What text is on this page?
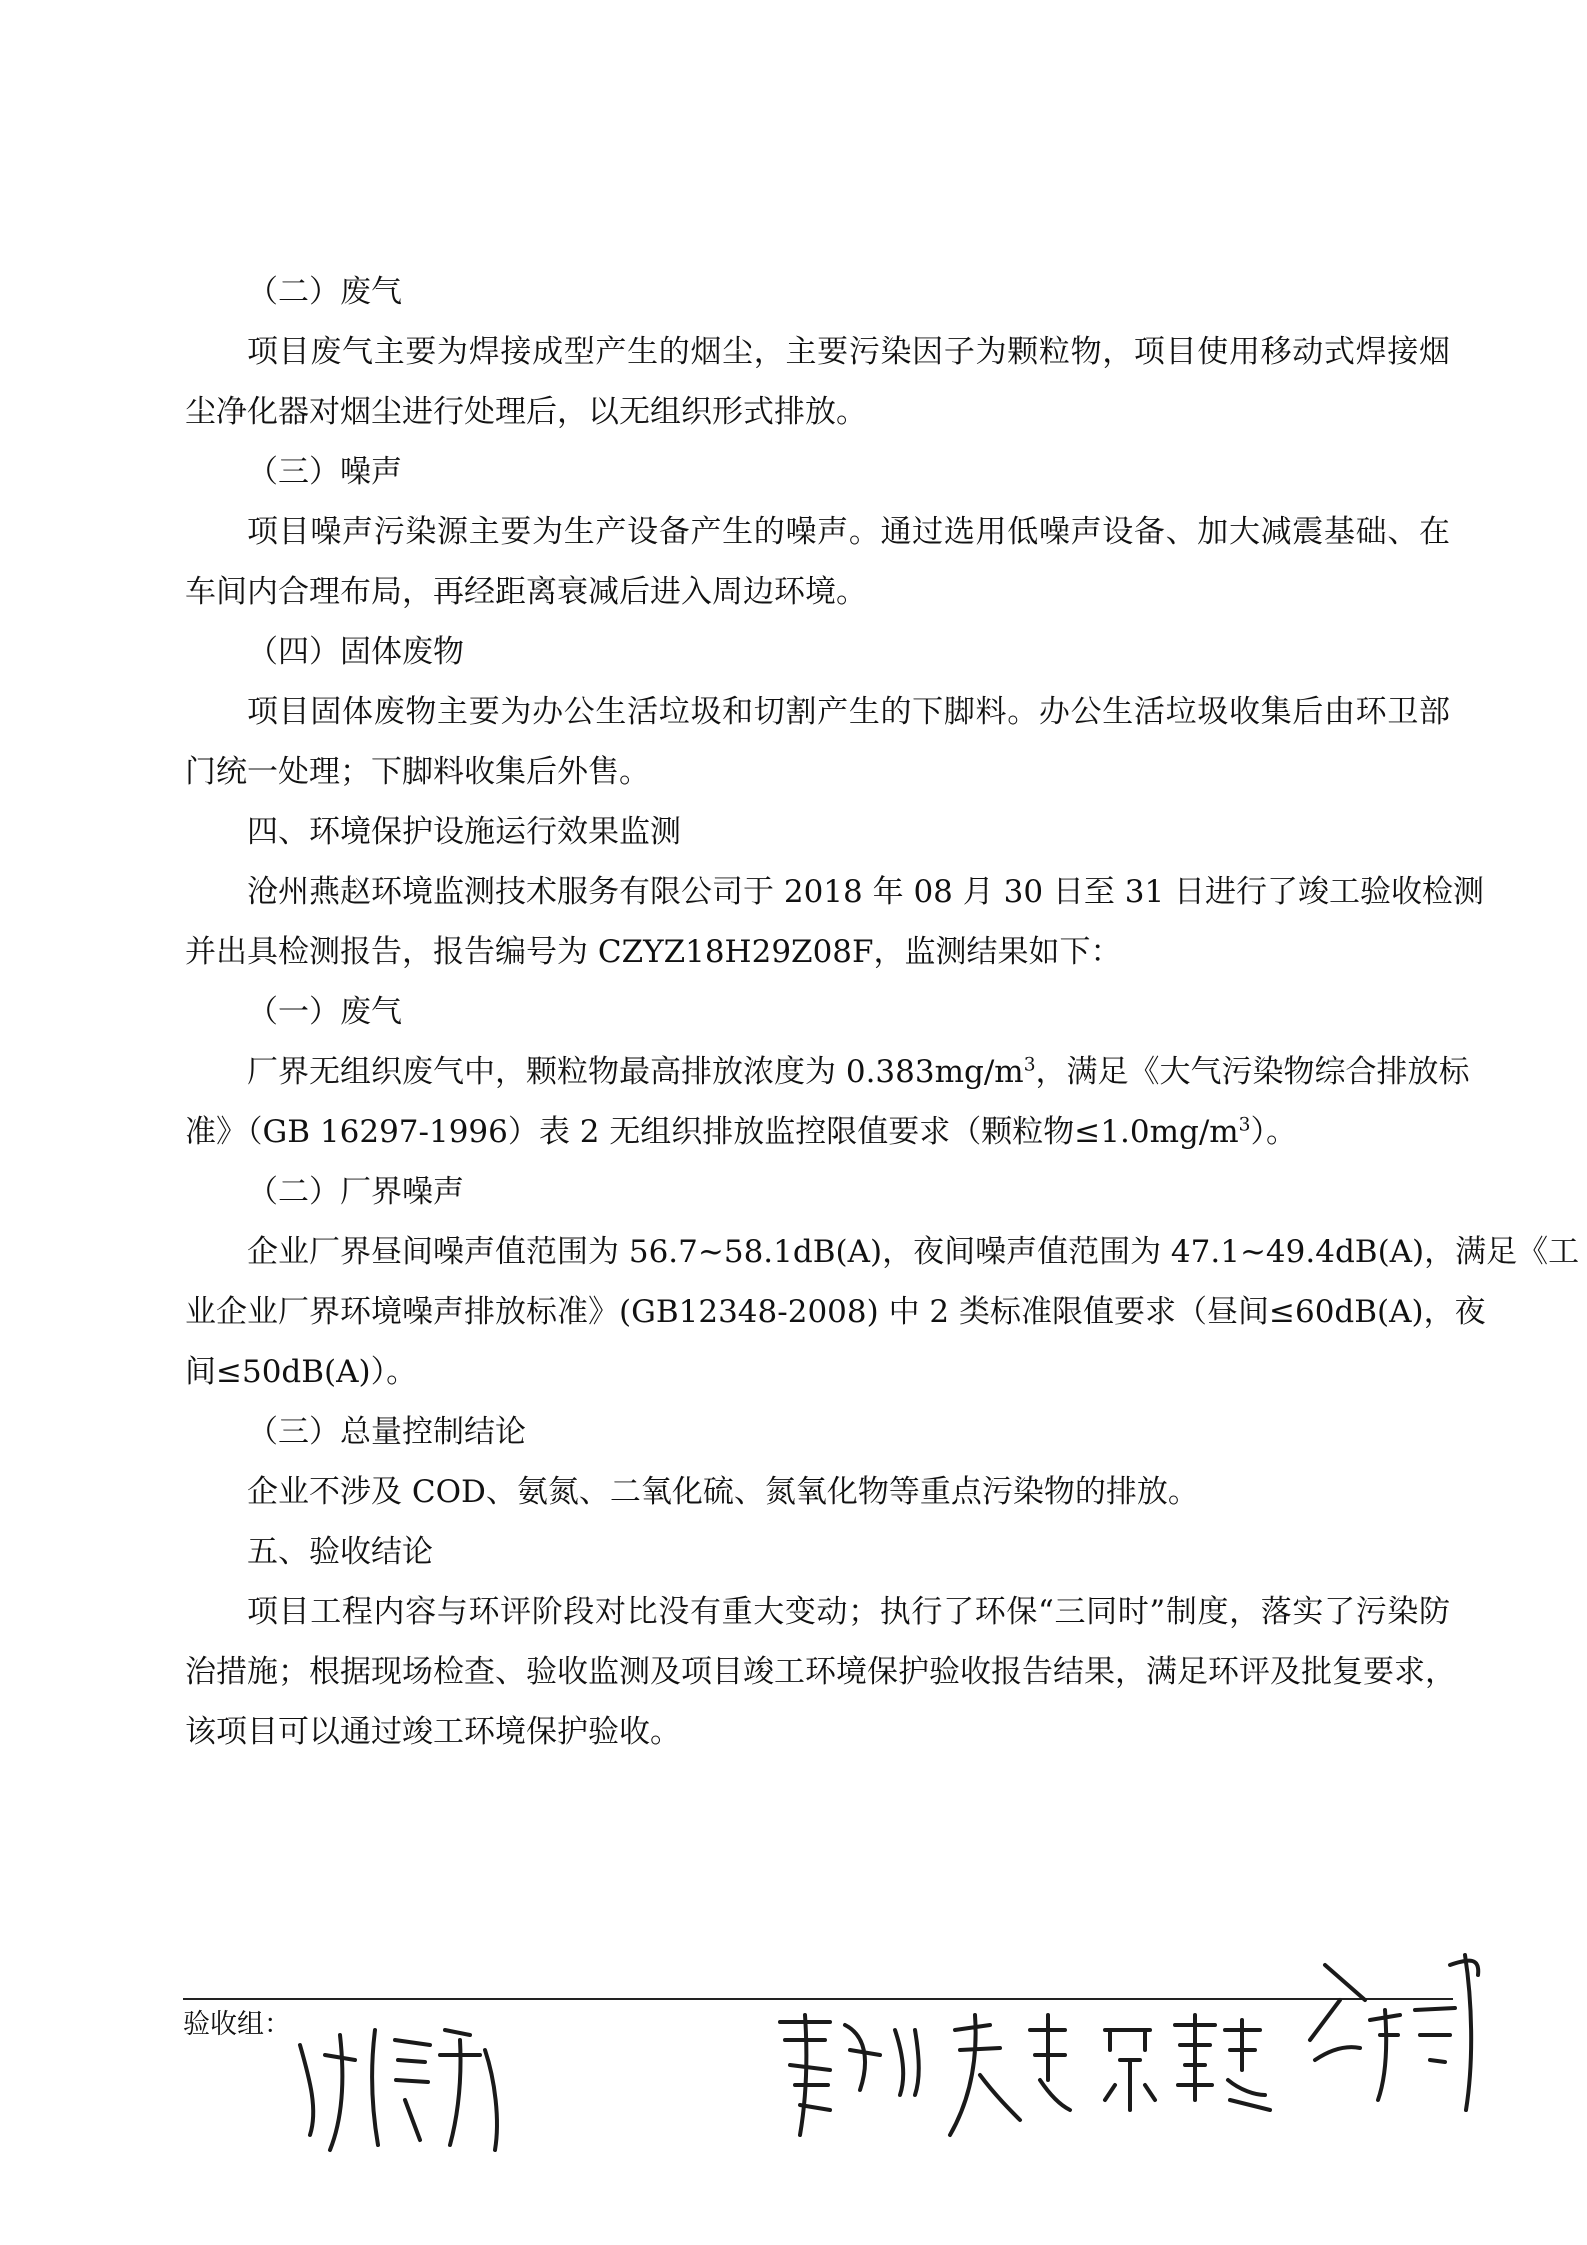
（二）废气
项目废气主要为焊接成型产生的烟尘，主要污染因子为颗粒物，项目使用移动式焊接烟
尘净化器对烟尘进行处理后，以无组织形式排放。
（三）噪声
项目噪声污染源主要为生产设备产生的噪声。通过选用低噪声设备、加大减震基础、在
车间内合理布局，再经距离衰减后进入周边环境。
（四）固体废物
项目固体废物主要为办公生活垃圾和切割产生的下脚料。办公生活垃圾收集后由环卫部
门统一处理；下脚料收集后外售。
四、环境保护设施运行效果监测
沧州燕赵环境监测技术服务有限公司于 2018 年 08 月 30 日至 31 日进行了竣工验收检测
并出具检测报告，报告编号为 CZYZ18H29Z08F，监测结果如下：
（一）废气
厂界无组织废气中，颗粒物最高排放浓度为 $0.383mg/m^3$，满足《大气污染物综合排放标
准》（GB 16297-1996）表 2 无组织排放监控限值要求（颗粒物$\le 1.0mg/m^3$）。
（二）厂界噪声
企业厂界昼间噪声值范围为 56.7~58.1dB(A)，夜间噪声值范围为 47.1~49.4dB(A)，满足《工
业企业厂界环境噪声排放标准》(GB12348-2008) 中 2 类标准限值要求（昼间≤60dB(A)，夜
间≤50dB(A)）。
（三）总量控制结论
企业不涉及 COD、氨氮、二氧化硫、氮氧化物等重点污染物的排放。
五、验收结论
项目工程内容与环评阶段对比没有重大变动；执行了环保“三同时”制度，落实了污染防
治措施；根据现场检查、验收监测及项目竣工环境保护验收报告结果，满足环评及批复要求，
该项目可以通过竣工环境保护验收。
验收组：
